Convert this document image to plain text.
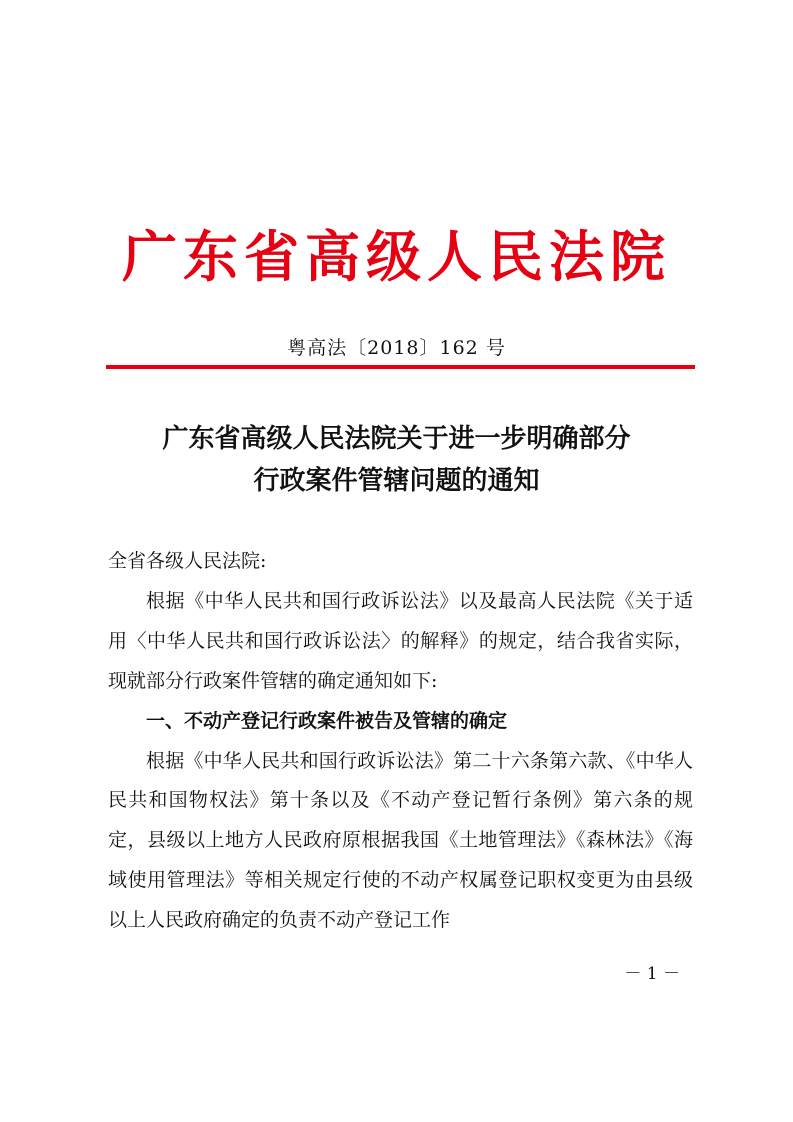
广东省高级人民法院
粤高法〔2018〕162 号
广东省高级人民法院关于进一步明确部分
行政案件管辖问题的通知

全省各级人民法院:

根据《中华人民共和国行政诉讼法》以及最高人民法院《关于适用〈中华人民共和国行政诉讼法〉的解释》的规定，结合我省实际，现就部分行政案件管辖的确定通知如下:

一、不动产登记行政案件被告及管辖的确定

根据《中华人民共和国行政诉讼法》第二十六条第六款、《中华人民共和国物权法》第十条以及《不动产登记暂行条例》第六条的规定，县级以上地方人民政府原根据我国《土地管理法》《森林法》《海域使用管理法》等相关规定行使的不动产权属登记职权变更为由县级以上人民政府确定的负责不动产登记工作

－ 1 －
